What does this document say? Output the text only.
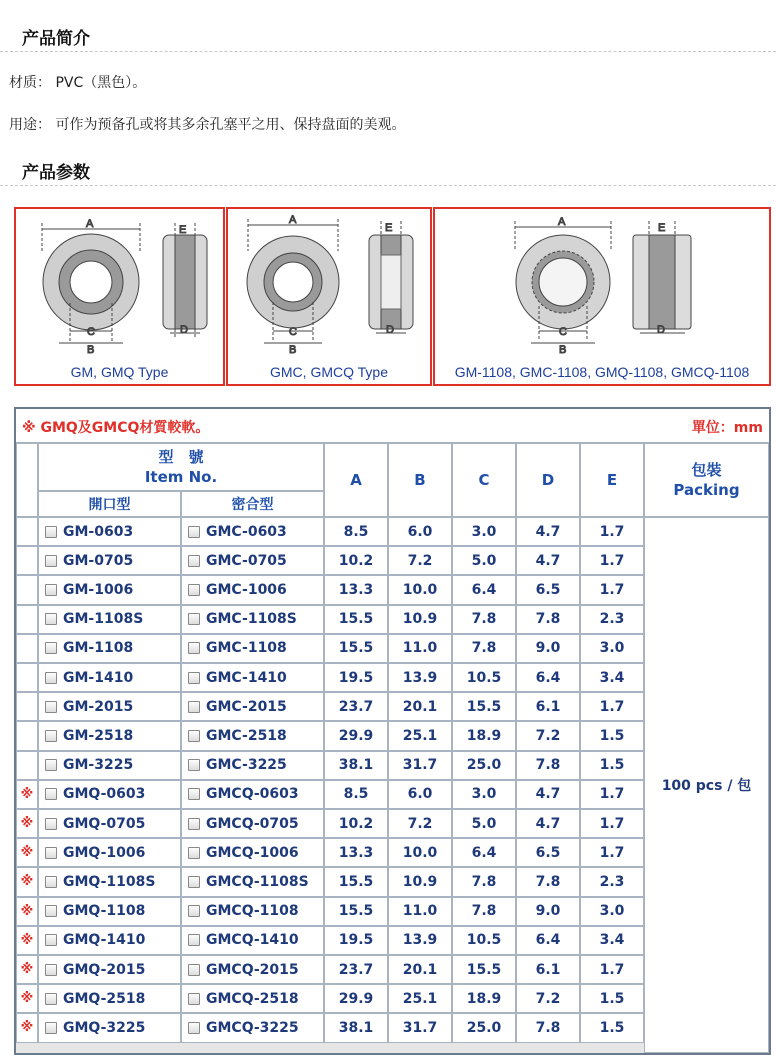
产品简介
材质： PVC（黑色）。
用途： 可作为预备孔或将其多余孔塞平之用、保持盘面的美观。
产品参数
A
C
B
E
D
GM, GMQ Type
A
C
B
E
D
GMC, GMCQ Type
A
C
B
E
D
GM-1108, GMC-1108, GMQ-1108, GMCQ-1108
※ GMQ及GMCQ材質較軟。	單位：mm
型　號
Item No.
開口型	密合型
A	B	C	D	E
包裝
Packing
100 pcs / 包
GM-0603	GMC-0603	8.5	6.0	3.0	4.7	1.7
GM-0705	GMC-0705	10.2 7.2	5.0	4.7	1.7
GM-1006	GMC-1006	13.3 10.0 6.4	6.5	1.7
GM-1108S	GMC-1108S	15.5 10.9 7.8	7.8	2.3
GM-1108	GMC-1108	15.5 11.0 7.8	9.0	3.0
GM-1410	GMC-1410	19.5 13.9 10.5 6.4	3.4
GM-2015	GMC-2015	23.7 20.1 15.5 6.1	1.7
GM-2518	GMC-2518	29.9 25.1 18.9 7.2	1.5
GM-3225	GMC-3225	38.1 31.7 25.0 7.8	1.5
※ GMQ-0603	GMCQ-0603	8.5	6.0	3.0	4.7	1.7
※ GMQ-0705	GMCQ-0705	10.2 7.2	5.0	4.7	1.7
※ GMQ-1006	GMCQ-1006	13.3 10.0 6.4	6.5	1.7
※ GMQ-1108S	GMCQ-1108S 15.5 10.9 7.8	7.8	2.3
※ GMQ-1108	GMCQ-1108	15.5 11.0 7.8	9.0	3.0
※ GMQ-1410	GMCQ-1410	19.5 13.9 10.5 6.4	3.4
※ GMQ-2015	GMCQ-2015	23.7 20.1 15.5 6.1	1.7
※ GMQ-2518	GMCQ-2518	29.9 25.1 18.9 7.2	1.5
※ GMQ-3225	GMCQ-3225	38.1 31.7 25.0 7.8	1.5
